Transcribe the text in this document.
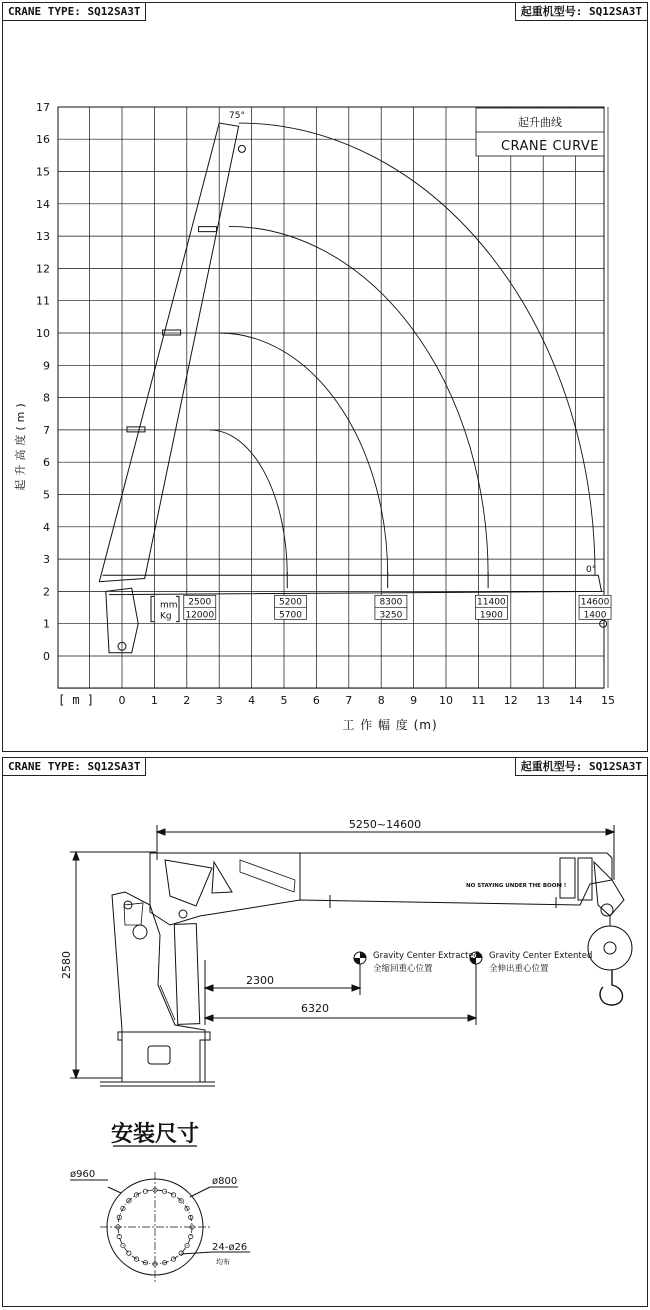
CRANE TYPE: SQ12SA3T	起重机型号: SQ12SA3T
0
1
2
3
4
5
6
7
8
9
10
11
12
13
14
15
16
17
0 1 2 3 4 5 6 7 8 9 10 11 12 13 14 15
mm
Kg
2500
12000
5200
5700
8300
3250
11400
1900
14600
1400
起升曲线
CRANE CURVE
起升高度(m)
工 作 幅 度 (m)
[ m ]
75°
0°
CRANE TYPE: SQ12SA3T	起重机型号: SQ12SA3T
5250~14600
2580
2300
6320
NO STAYING UNDER THE BOOM !
Gravity Center Extracted
全缩回重心位置
Gravity Center Extented
全伸出重心位置
安装尺寸
ø960
ø800
24-ø26
均布
